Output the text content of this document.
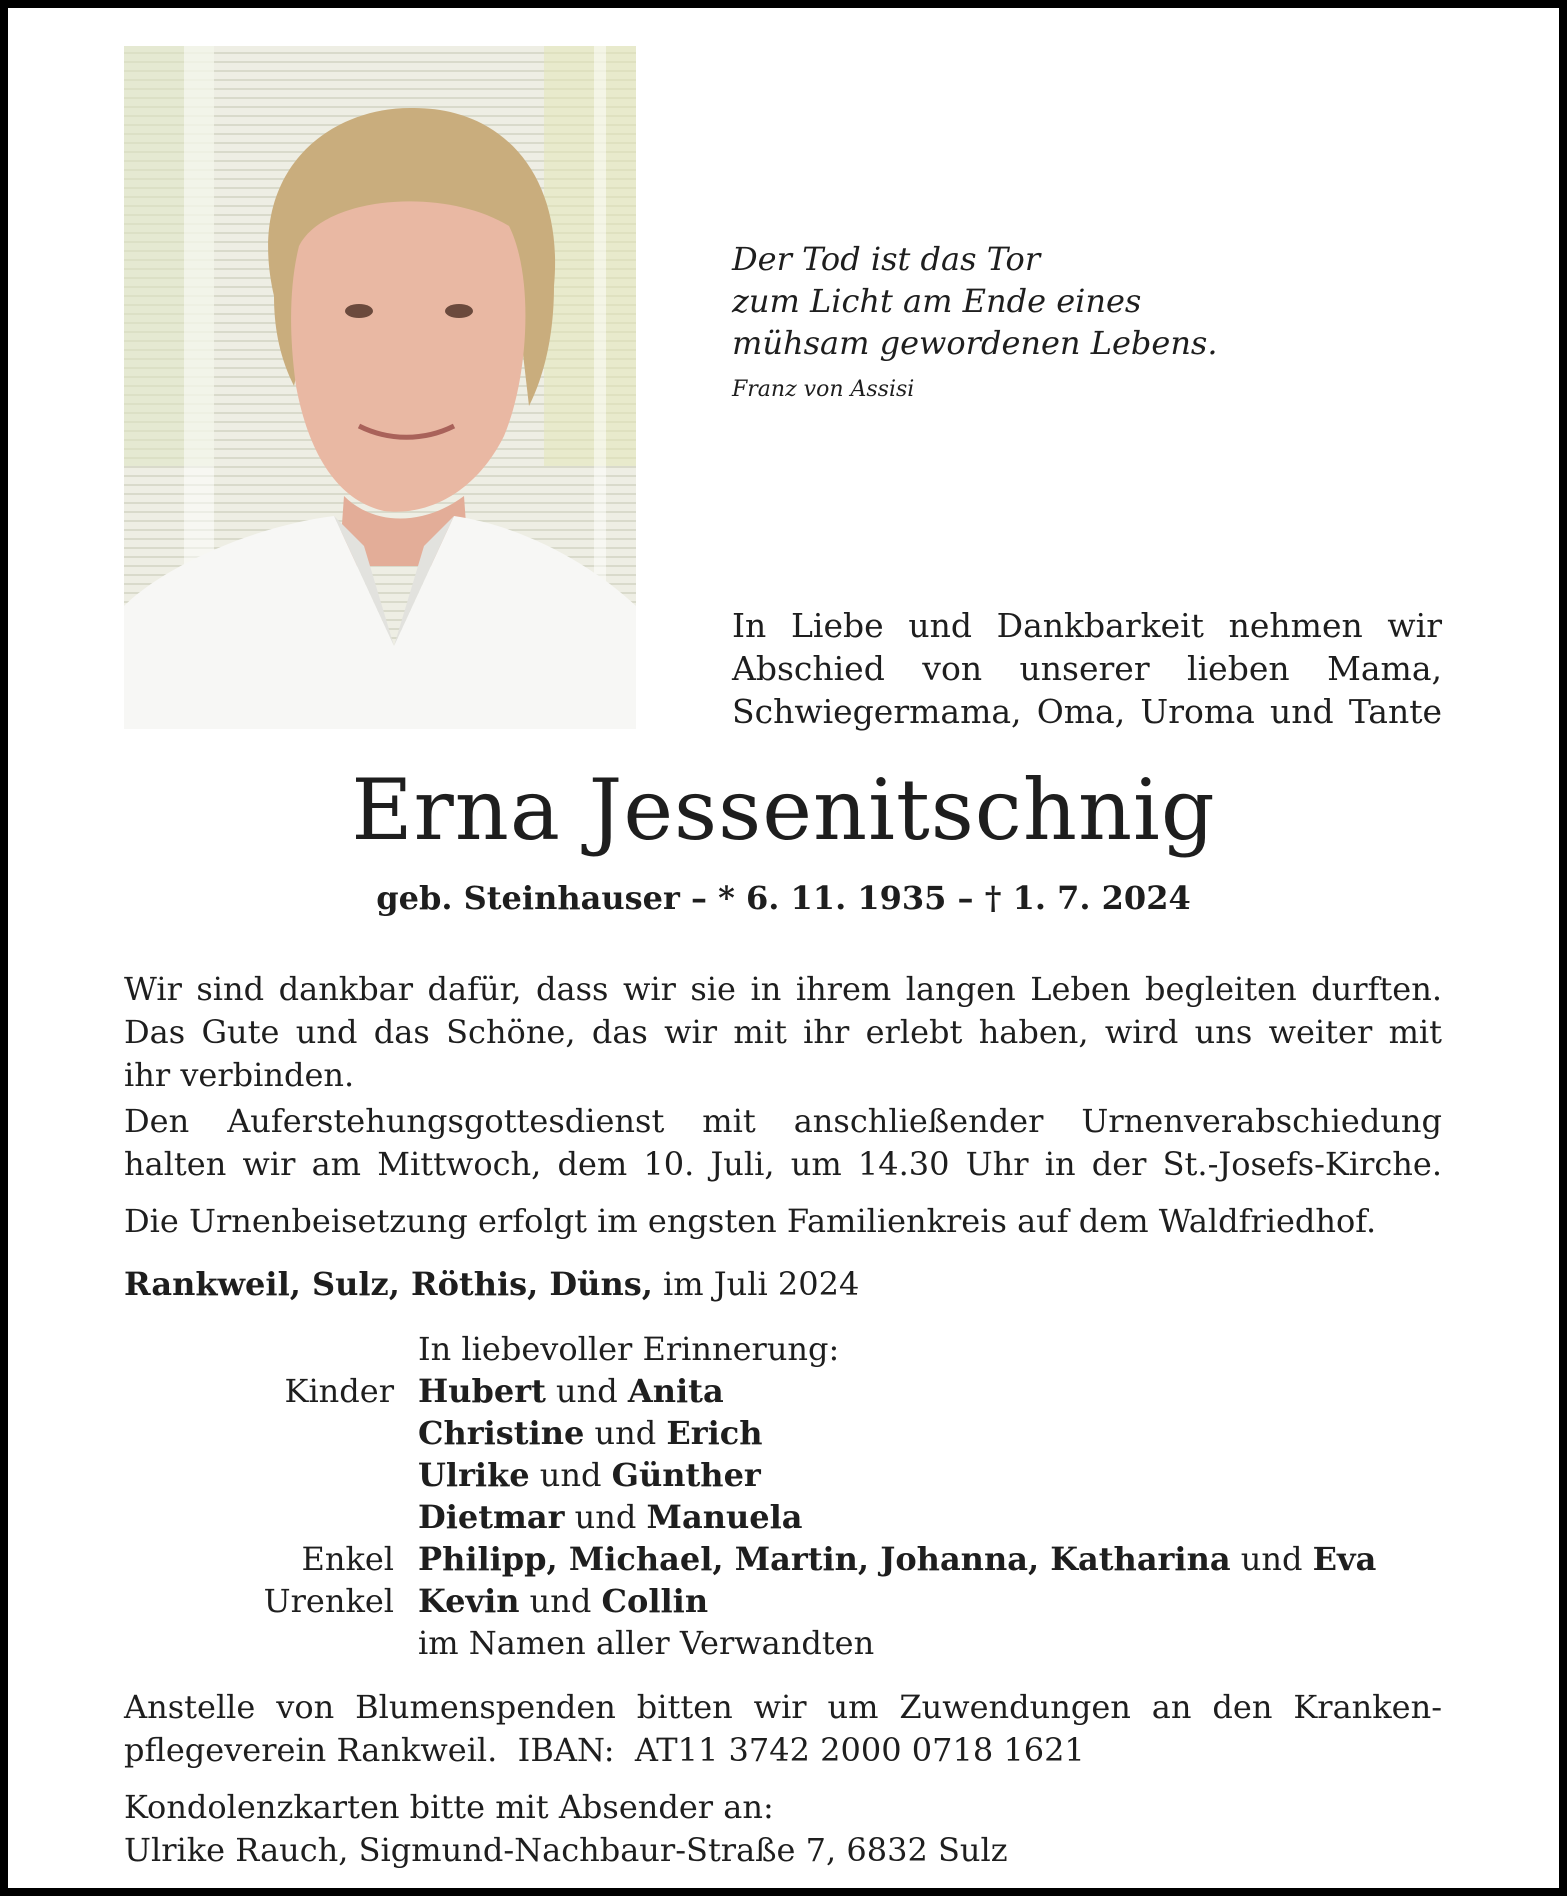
Der Tod ist das Tor
zum Licht am Ende eines
mühsam gewordenen Lebens.
Franz von Assisi
In Liebe und Dankbarkeit nehmen wir
Abschied von unserer lieben Mama,
Schwiegermama, Oma, Uroma und Tante
Erna Jessenitschnig
geb. Steinhauser – * 6. 11. 1935 – † 1. 7. 2024
Wir sind dankbar dafür, dass wir sie in ihrem langen Leben begleiten durften.
Das Gute und das Schöne, das wir mit ihr erlebt haben, wird uns weiter mit
ihr verbinden.
Den Auferstehungsgottesdienst mit anschließender Urnenverabschiedung
halten wir am Mittwoch, dem 10. Juli, um 14.30 Uhr in der St.-Josefs-Kirche.
Die Urnenbeisetzung erfolgt im engsten Familienkreis auf dem Waldfriedhof.
Rankweil, Sulz, Röthis, Düns, im Juli 2024
In liebevoller Erinnerung:
Kinder Hubert und Anita
Christine und Erich
Ulrike und Günther
Dietmar und Manuela
Enkel Philipp, Michael, Martin, Johanna, Katharina und Eva
Urenkel Kevin und Collin
im Namen aller Verwandten
Anstelle von Blumenspenden bitten wir um Zuwendungen an den Kranken-
pflegeverein Rankweil.  IBAN:  AT11 3742 2000 0718 1621
Kondolenzkarten bitte mit Absender an:
Ulrike Rauch, Sigmund-Nachbaur-Straße 7, 6832 Sulz
